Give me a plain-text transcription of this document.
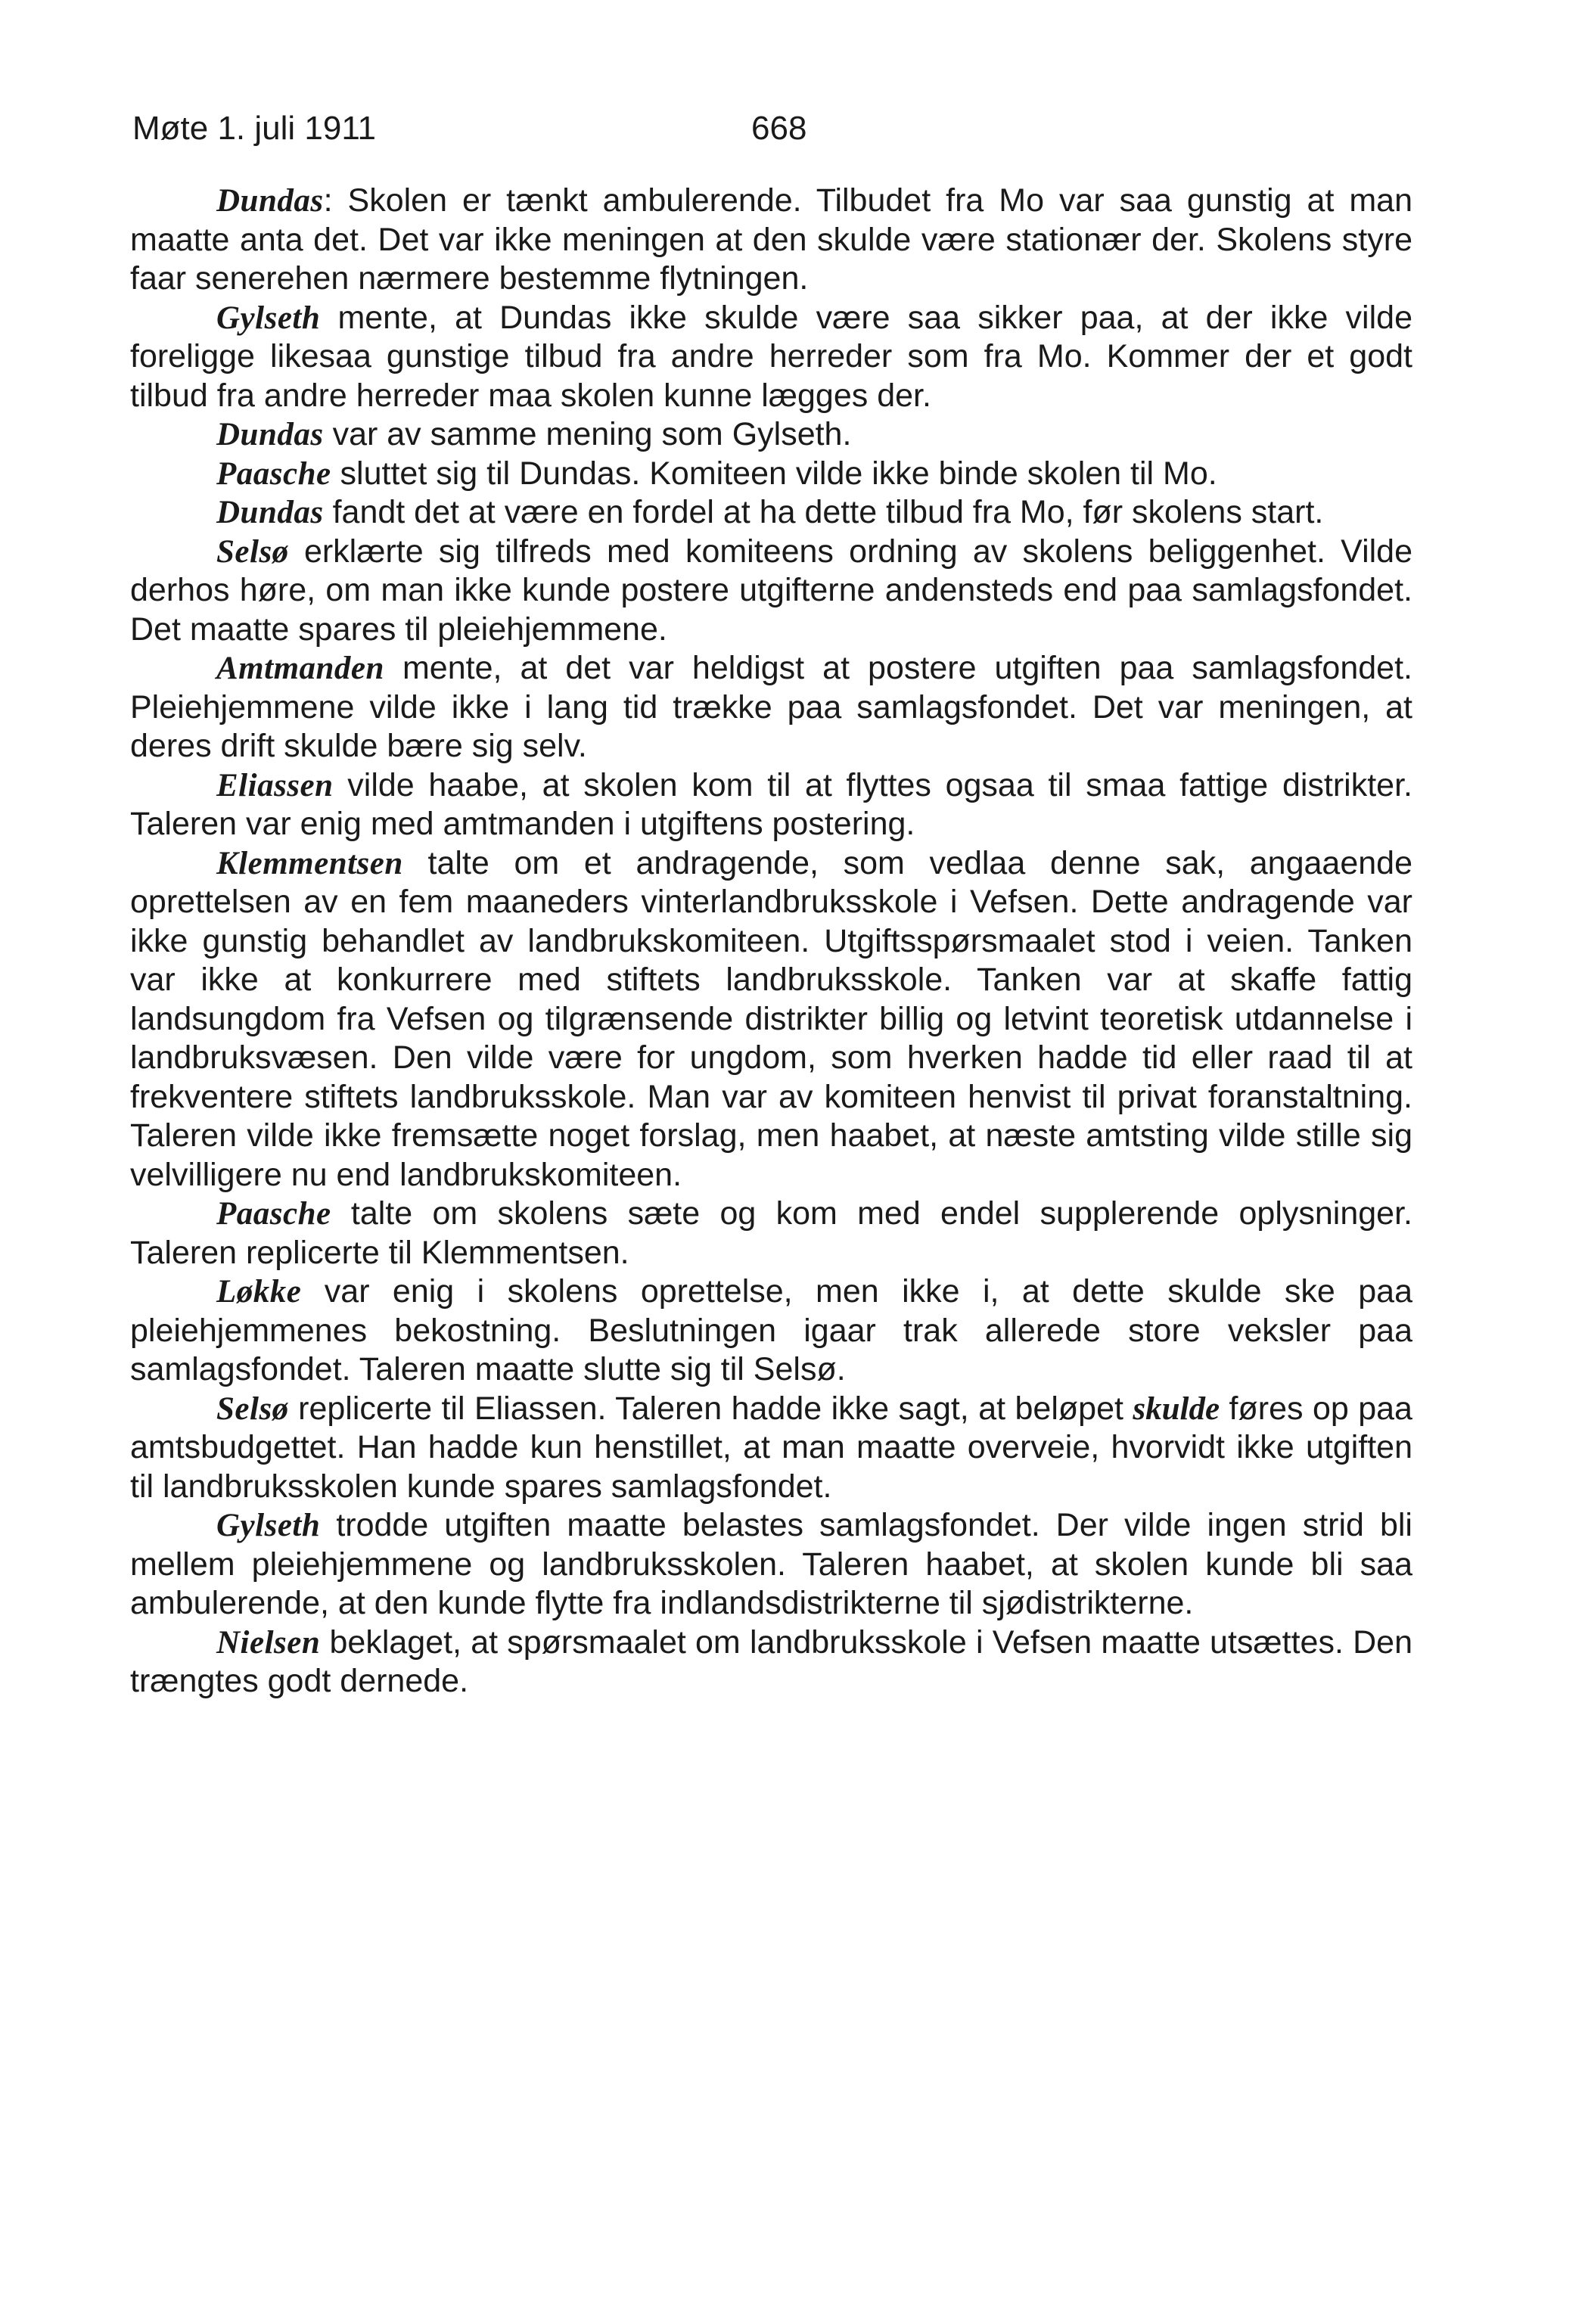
Møte 1. juli 1911	668

Dundas: Skolen er tænkt ambulerende. Tilbudet fra Mo var saa gunstig at man maatte anta det. Det var ikke meningen at den skulde være stationær der. Skolens styre faar senerehen nærmere bestemme flytningen.

Gylseth mente, at Dundas ikke skulde være saa sikker paa, at der ikke vilde foreligge likesaa gunstige tilbud fra andre herreder som fra Mo. Kommer der et godt tilbud fra andre herreder maa skolen kunne lægges der.

Dundas var av samme mening som Gylseth.

Paasche sluttet sig til Dundas. Komiteen vilde ikke binde skolen til Mo.

Dundas fandt det at være en fordel at ha dette tilbud fra Mo, før skolens start.

Selsø erklærte sig tilfreds med komiteens ordning av skolens beliggenhet. Vilde derhos høre, om man ikke kunde postere utgifterne andensteds end paa samlagsfondet. Det maatte spares til pleiehjemmene.

Amtmanden mente, at det var heldigst at postere utgiften paa samlagsfondet. Pleiehjemmene vilde ikke i lang tid trække paa samlagsfondet. Det var meningen, at deres drift skulde bære sig selv.

Eliassen vilde haabe, at skolen kom til at flyttes ogsaa til smaa fattige distrikter. Taleren var enig med amtmanden i utgiftens postering.

Klemmentsen talte om et andragende, som vedlaa denne sak, angaaende oprettelsen av en fem maaneders vinterlandbruksskole i Vefsen. Dette andragende var ikke gunstig behandlet av landbrukskomiteen. Utgiftsspørsmaalet stod i veien. Tanken var ikke at konkurrere med stiftets landbruksskole. Tanken var at skaffe fattig landsungdom fra Vefsen og tilgrænsende distrikter billig og letvint teoretisk utdannelse i landbruksvæsen. Den vilde være for ungdom, som hverken hadde tid eller raad til at frekventere stiftets landbruksskole. Man var av komiteen henvist til privat foranstaltning. Taleren vilde ikke fremsætte noget forslag, men haabet, at næste amtsting vilde stille sig velvilligere nu end landbrukskomiteen.

Paasche talte om skolens sæte og kom med endel supplerende oplysninger. Taleren replicerte til Klemmentsen.

Løkke var enig i skolens oprettelse, men ikke i, at dette skulde ske paa pleiehjemmenes bekostning. Beslutningen igaar trak allerede store veksler paa samlagsfondet. Taleren maatte slutte sig til Selsø.

Selsø replicerte til Eliassen. Taleren hadde ikke sagt, at beløpet skulde føres op paa amtsbudgettet. Han hadde kun henstillet, at man maatte overveie, hvorvidt ikke utgiften til landbruksskolen kunde spares samlagsfondet.

Gylseth trodde utgiften maatte belastes samlagsfondet. Der vilde ingen strid bli mellem pleiehjemmene og landbruksskolen. Taleren haabet, at skolen kunde bli saa ambulerende, at den kunde flytte fra indlandsdistrikterne til sjødistrikterne.

Nielsen beklaget, at spørsmaalet om landbruksskole i Vefsen maatte utsættes. Den trængtes godt dernede.
